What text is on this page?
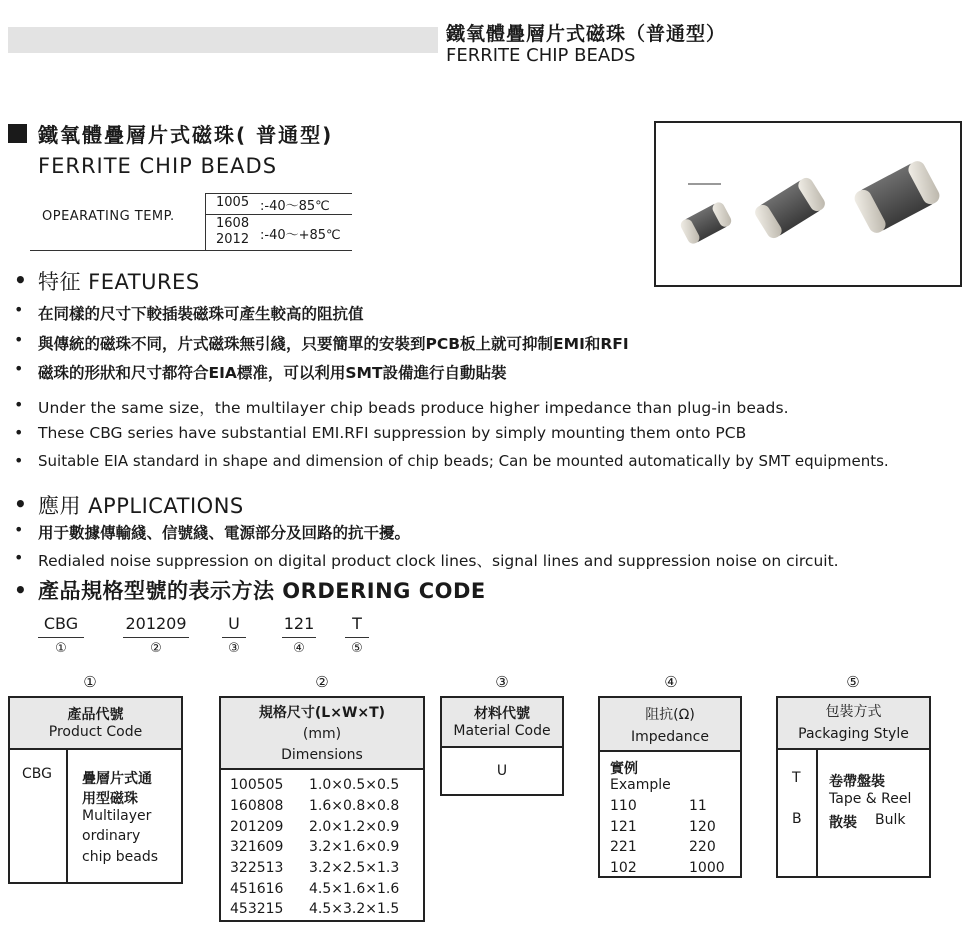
鐵氧體疊層片式磁珠（普通型）
FERRITE CHIP BEADS
鐵氧體疊層片式磁珠( 普通型)
FERRITE CHIP BEADS
OPEARATING TEMP.
1005 :-40～85℃
1608
2012 :-40～+85℃
• 特征 FEATURES
• 在同樣的尺寸下較插裝磁珠可產生較高的阻抗值
• 與傳統的磁珠不同，片式磁珠無引綫，只要簡單的安裝到PCB板上就可抑制EMI和RFI
• 磁珠的形狀和尺寸都符合EIA標准，可以利用SMT設備進行自動貼裝
• Under the same size，the multilayer chip beads produce higher impedance than plug-in beads.
• These CBG series have substantial EMI.RFI suppression by simply mounting them onto PCB
• Suitable EIA standard in shape and dimension of chip beads; Can be mounted automatically by SMT equipments.
• 應用 APPLICATIONS
• 用于數據傳輸綫、信號綫、電源部分及回路的抗干擾。
• Redialed noise suppression on digital product clock lines、signal lines and suppression noise on circuit.
• 產品規格型號的表示方法 ORDERING CODE
CBG
①
201209
②
U
③
121
④
T
⑤
①
產品代號
Product Code
CBG 疊層片式通
用型磁珠
Multilayer
ordinary
chip beads
②
規格尺寸(L×W×T)
(mm)
Dimensions
100505 1.0×0.5×0.5
160808 1.6×0.8×0.8
201209 2.0×1.2×0.9
321609 3.2×1.6×0.9
322513 3.2×2.5×1.3
451616 4.5×1.6×1.6
453215 4.5×3.2×1.5
③
材料代號
Material Code
U
④
阻抗(Ω)
Impedance
實例
Example
110	11
121	120
221	220
102	1000
⑤
包裝方式
Packaging Style
T 卷帶盤裝
Tape & Reel
B 散裝 Bulk
